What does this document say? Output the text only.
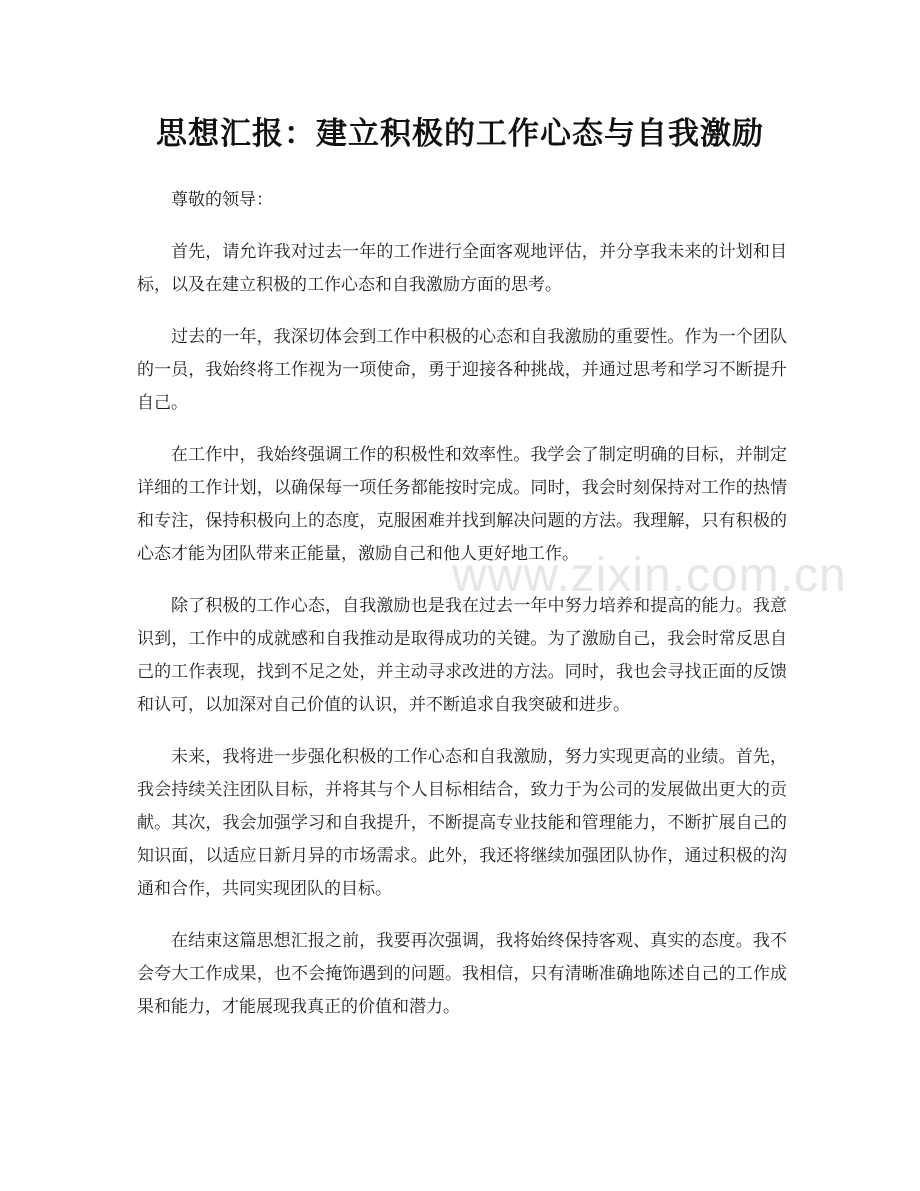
思想汇报：建立积极的工作心态与自我激励

尊敬的领导：

首先，请允许我对过去一年的工作进行全面客观地评估，并分享我未来的计划和目标，以及在建立积极的工作心态和自我激励方面的思考。

过去的一年，我深切体会到工作中积极的心态和自我激励的重要性。作为一个团队的一员，我始终将工作视为一项使命，勇于迎接各种挑战，并通过思考和学习不断提升自己。

在工作中，我始终强调工作的积极性和效率性。我学会了制定明确的目标，并制定详细的工作计划，以确保每一项任务都能按时完成。同时，我会时刻保持对工作的热情和专注，保持积极向上的态度，克服困难并找到解决问题的方法。我理解，只有积极的心态才能为团队带来正能量，激励自己和他人更好地工作。

除了积极的工作心态，自我激励也是我在过去一年中努力培养和提高的能力。我意识到，工作中的成就感和自我推动是取得成功的关键。为了激励自己，我会时常反思自己的工作表现，找到不足之处，并主动寻求改进的方法。同时，我也会寻找正面的反馈和认可，以加深对自己价值的认识，并不断追求自我突破和进步。

未来，我将进一步强化积极的工作心态和自我激励，努力实现更高的业绩。首先，我会持续关注团队目标，并将其与个人目标相结合，致力于为公司的发展做出更大的贡献。其次，我会加强学习和自我提升，不断提高专业技能和管理能力，不断扩展自己的知识面，以适应日新月异的市场需求。此外，我还将继续加强团队协作，通过积极的沟通和合作，共同实现团队的目标。

在结束这篇思想汇报之前，我要再次强调，我将始终保持客观、真实的态度。我不会夸大工作成果，也不会掩饰遇到的问题。我相信，只有清晰准确地陈述自己的工作成果和能力，才能展现我真正的价值和潜力。

www.zixin.com.cn
